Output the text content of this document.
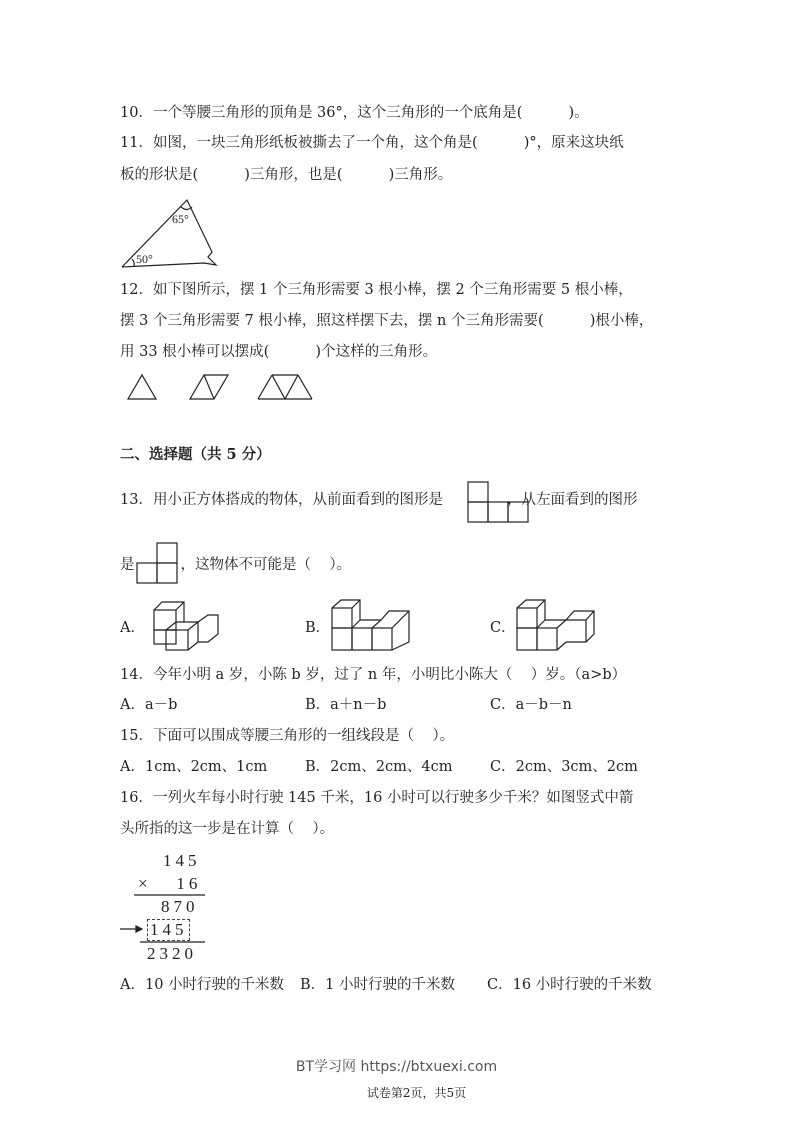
10．一个等腰三角形的顶角是 36°，这个三角形的一个底角是(          )。
11．如图，一块三角形纸板被撕去了一个角，这个角是(          )°，原来这块纸
板的形状是(          )三角形，也是(          )三角形。
65°
50°
12．如下图所示，摆 1 个三角形需要 3 根小棒，摆 2 个三角形需要 5 根小棒，
摆 3 个三角形需要 7 根小棒，照这样摆下去，摆 n 个三角形需要(          )根小棒，
用 33 根小棒可以摆成(          )个这样的三角形。
二、选择题（共 5 分）
13．用小正方体搭成的物体，从前面看到的图形是	，从左面看到的图形
是	，这物体不可能是（    ）。
A．	B．	C．
14．今年小明 a 岁，小陈 b 岁，过了 n 年，小明比小陈大（    ）岁。（a>b）
A．a－b	B．a＋n－b	C．a－b－n
15．下面可以围成等腰三角形的一组线段是（    ）。
A．1cm、2cm、1cm	B．2cm、2cm、4cm	C．2cm、3cm、2cm
16．一列火车每小时行驶 145 千米，16 小时可以行驶多少千米？如图竖式中箭
头所指的这一步是在计算（    ）。
145
×   16
870
145
2320
A．10 小时行驶的千米数 B．1 小时行驶的千米数 C．16 小时行驶的千米数
BT学习网 https://btxuexi.com
试卷第2页，共5页
